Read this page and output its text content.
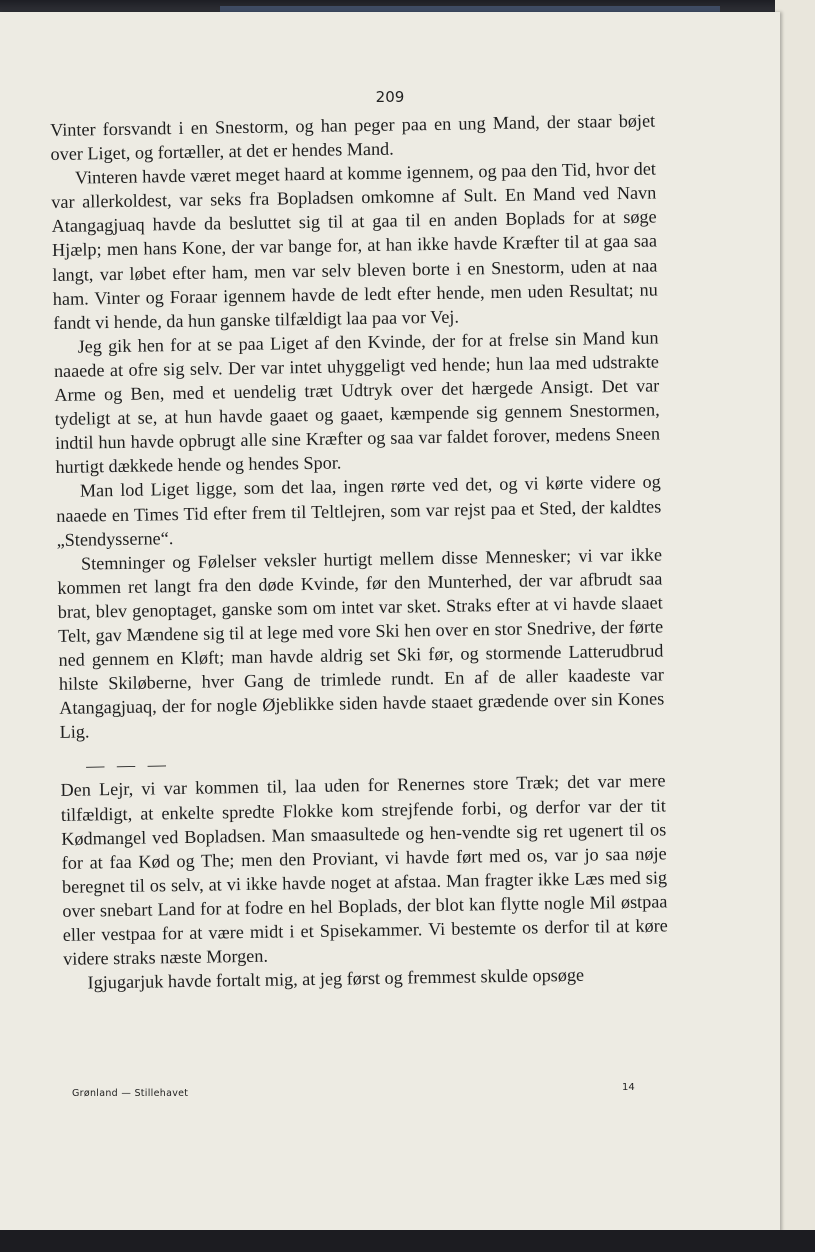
209

Vinter forsvandt i en Snestorm, og han peger paa en ung Mand, der staar bøjet over Liget, og fortæller, at det er hendes Mand.

Vinteren havde været meget haard at komme igennem, og paa den Tid, hvor det var allerkoldest, var seks fra Bopladsen omkomne af Sult. En Mand ved Navn Atangagjuaq havde da besluttet sig til at gaa til en anden Boplads for at søge Hjælp; men hans Kone, der var bange for, at han ikke havde Kræfter til at gaa saa langt, var løbet efter ham, men var selv bleven borte i en Snestorm, uden at naa ham. Vinter og Foraar igennem havde de ledt efter hende, men uden Resultat; nu fandt vi hende, da hun ganske tilfældigt laa paa vor Vej.

Jeg gik hen for at se paa Liget af den Kvinde, der for at frelse sin Mand kun naaede at ofre sig selv. Der var intet uhyggeligt ved hende; hun laa med udstrakte Arme og Ben, med et uendelig træt Udtryk over det hærgede Ansigt. Det var tydeligt at se, at hun havde gaaet og gaaet, kæmpende sig gennem Snestormen, indtil hun havde opbrugt alle sine Kræfter og saa var faldet forover, medens Sneen hurtigt dækkede hende og hendes Spor.

Man lod Liget ligge, som det laa, ingen rørte ved det, og vi kørte videre og naaede en Times Tid efter frem til Teltlejren, som var rejst paa et Sted, der kaldtes „Stendysserne“.

Stemninger og Følelser veksler hurtigt mellem disse Mennesker; vi var ikke kommen ret langt fra den døde Kvinde, før den Munterhed, der var afbrudt saa brat, blev genoptaget, ganske som om intet var sket. Straks efter at vi havde slaaet Telt, gav Mændene sig til at lege med vore Ski hen over en stor Snedrive, der førte ned gennem en Kløft; man havde aldrig set Ski før, og stormende Latterudbrud hilste Skiløberne, hver Gang de trimlede rundt. En af de aller kaadeste var Atangagjuaq, der for nogle Øjeblikke siden havde staaet grædende over sin Kones Lig.

— — —

Den Lejr, vi var kommen til, laa uden for Renernes store Træk; det var mere tilfældigt, at enkelte spredte Flokke kom strejfende forbi, og derfor var der tit Kødmangel ved Bopladsen. Man smaasultede og hen-vendte sig ret ugenert til os for at faa Kød og The; men den Proviant, vi havde ført med os, var jo saa nøje beregnet til os selv, at vi ikke havde noget at afstaa. Man fragter ikke Læs med sig over snebart Land for at fodre en hel Boplads, der blot kan flytte nogle Mil østpaa eller vestpaa for at være midt i et Spisekammer. Vi bestemte os derfor til at køre videre straks næste Morgen.

Igjugarjuk havde fortalt mig, at jeg først og fremmest skulde opsøge

Grønland — Stillehavet
14
